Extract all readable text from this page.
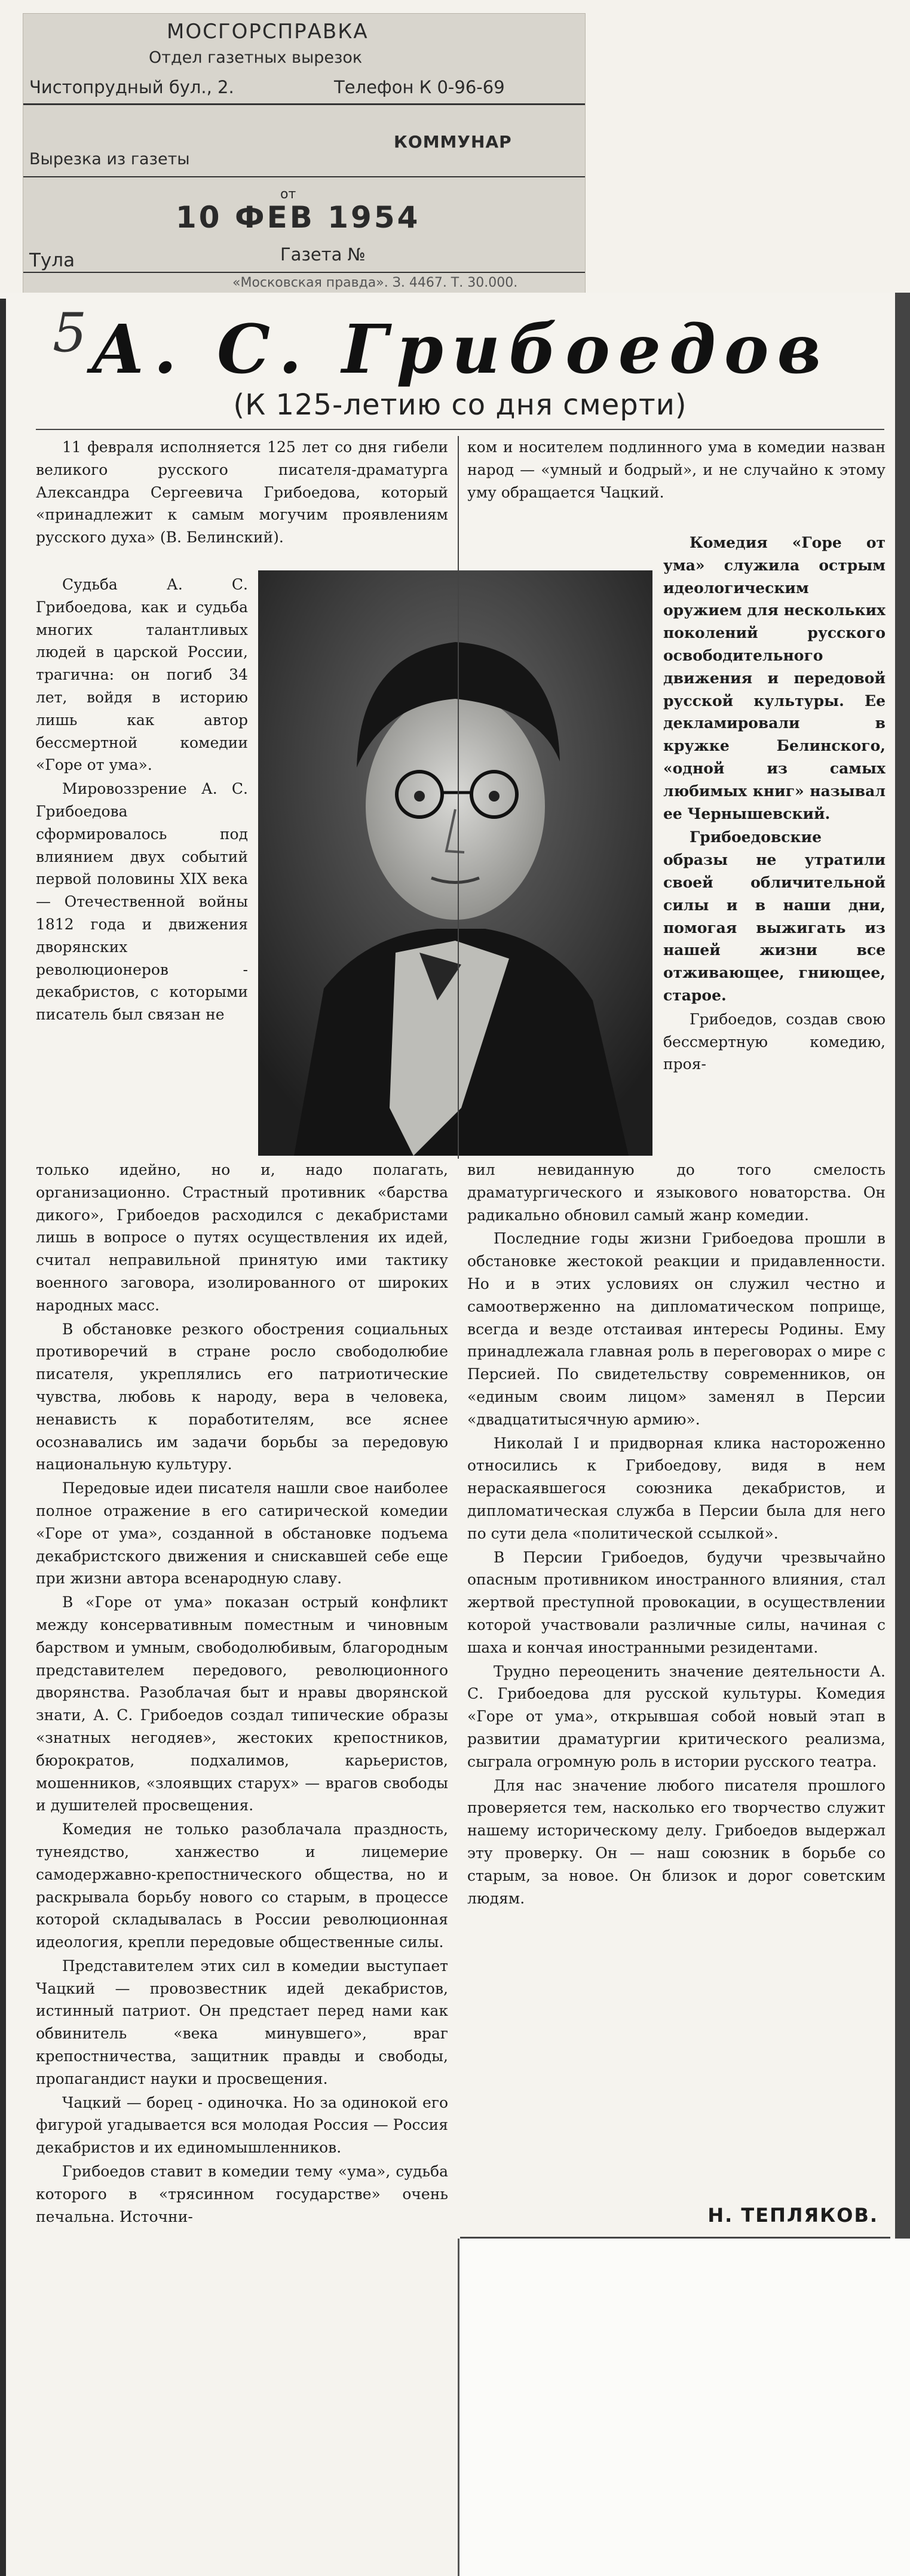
МОСГОРСПРАВКА
Отдел газетных вырезок
Чистопрудный бул., 2.	Телефон К 0-96-69
Вырезка из газеты
КОММУНАР
от
10 ФЕВ 1954
Тула	Газета №
«Московская правда». З. 4467. Т. 30.000.
5 А. С. Грибоедов
(К 125-летию со дня смерти)

11 февраля исполняется 125 лет со дня гибели великого русского писателя-драматурга Александра Сергеевича Грибоедова, который «принадлежит к самым могучим проявлениям русского духа» (В. Белинский).

Судьба А. С. Грибоедова, как и судьба многих талантливых людей в царской России, трагична: он погиб 34 лет, войдя в историю лишь как автор бессмертной комедии «Горе от ума».

Мировоззрение А. С. Грибоедова сформировалось под влиянием двух событий первой половины XIX века — Отечественной войны 1812 года и движения дворянских революционеров - декабристов, с которыми писатель был связан не

только идейно, но и, надо полагать, организационно. Страстный противник «барства дикого», Грибоедов расходился с декабристами лишь в вопросе о путях осуществления их идей, считал неправильной принятую ими тактику военного заговора, изолированного от широких народных масс.

В обстановке резкого обострения социальных противоречий в стране росло свободолюбие писателя, укреплялись его патриотические чувства, любовь к народу, вера в человека, ненависть к поработителям, все яснее осознавались им задачи борьбы за передовую национальную культуру.

Передовые идеи писателя нашли свое наиболее полное отражение в его сатирической комедии «Горе от ума», созданной в обстановке подъема декабристского движения и снискавшей себе еще при жизни автора всенародную славу.

В «Горе от ума» показан острый конфликт между консервативным поместным и чиновным барством и умным, свободолюбивым, благородным представителем передового, революционного дворянства. Разоблачая быт и нравы дворянской знати, А. С. Грибоедов создал типические образы «знатных негодяев», жестоких крепостников, бюрократов, подхалимов, карьеристов, мошенников, «злоявщих старух» — врагов свободы и душителей просвещения.

Комедия не только разоблачала праздность, тунеядство, ханжество и лицемерие самодержавно-крепостнического общества, но и раскрывала борьбу нового со старым, в процессе которой складывалась в России революционная идеология, крепли передовые общественные силы.

Представителем этих сил в комедии выступает Чацкий — провозвестник идей декабристов, истинный патриот. Он предстает перед нами как обвинитель «века минувшего», враг крепостничества, защитник правды и свободы, пропагандист науки и просвещения.

Чацкий — борец - одиночка. Но за одинокой его фигурой угадывается вся молодая Россия — Россия декабристов и их единомышленников.

Грибоедов ставит в комедии тему «ума», судьба которого в «трясинном государстве» очень печальна. Источни-

ком и носителем подлинного ума в комедии назван народ — «умный и бодрый», и не случайно к этому уму обращается Чацкий.

Комедия «Горе от ума» служила острым идеологическим оружием для нескольких поколений русского освободительного движения и передовой русской культуры. Ее декламировали в кружке Белинского, «одной из самых любимых книг» называл ее Чернышевский.

Грибоедовские образы не утратили своей обличительной силы и в наши дни, помогая выжигать из нашей жизни все отживающее, гниющее, старое.

Грибоедов, создав свою бессмертную комедию, проя-

вил невиданную до того смелость драматургического и языкового новаторства. Он радикально обновил самый жанр комедии.

Последние годы жизни Грибоедова прошли в обстановке жестокой реакции и придавленности. Но и в этих условиях он служил честно и самоотверженно на дипломатическом поприще, всегда и везде отстаивая интересы Родины. Ему принадлежала главная роль в переговорах о мире с Персией. По свидетельству современников, он «единым своим лицом» заменял в Персии «двадцатитысячную армию».

Николай I и придворная клика настороженно относились к Грибоедову, видя в нем нераскаявшегося союзника декабристов, и дипломатическая служба в Персии была для него по сути дела «политической ссылкой».

В Персии Грибоедов, будучи чрезвычайно опасным противником иностранного влияния, стал жертвой преступной провокации, в осуществлении которой участвовали различные силы, начиная с шаха и кончая иностранными резидентами.

Трудно переоценить значение деятельности А. С. Грибоедова для русской культуры. Комедия «Горе от ума», открывшая собой новый этап в развитии драматургии критического реализма, сыграла огромную роль в истории русского театра.

Для нас значение любого писателя прошлого проверяется тем, насколько его творчество служит нашему историческому делу. Грибоедов выдержал эту проверку. Он — наш союзник в борьбе со старым, за новое. Он близок и дорог советским людям.

Н. ТЕПЛЯКОВ.
